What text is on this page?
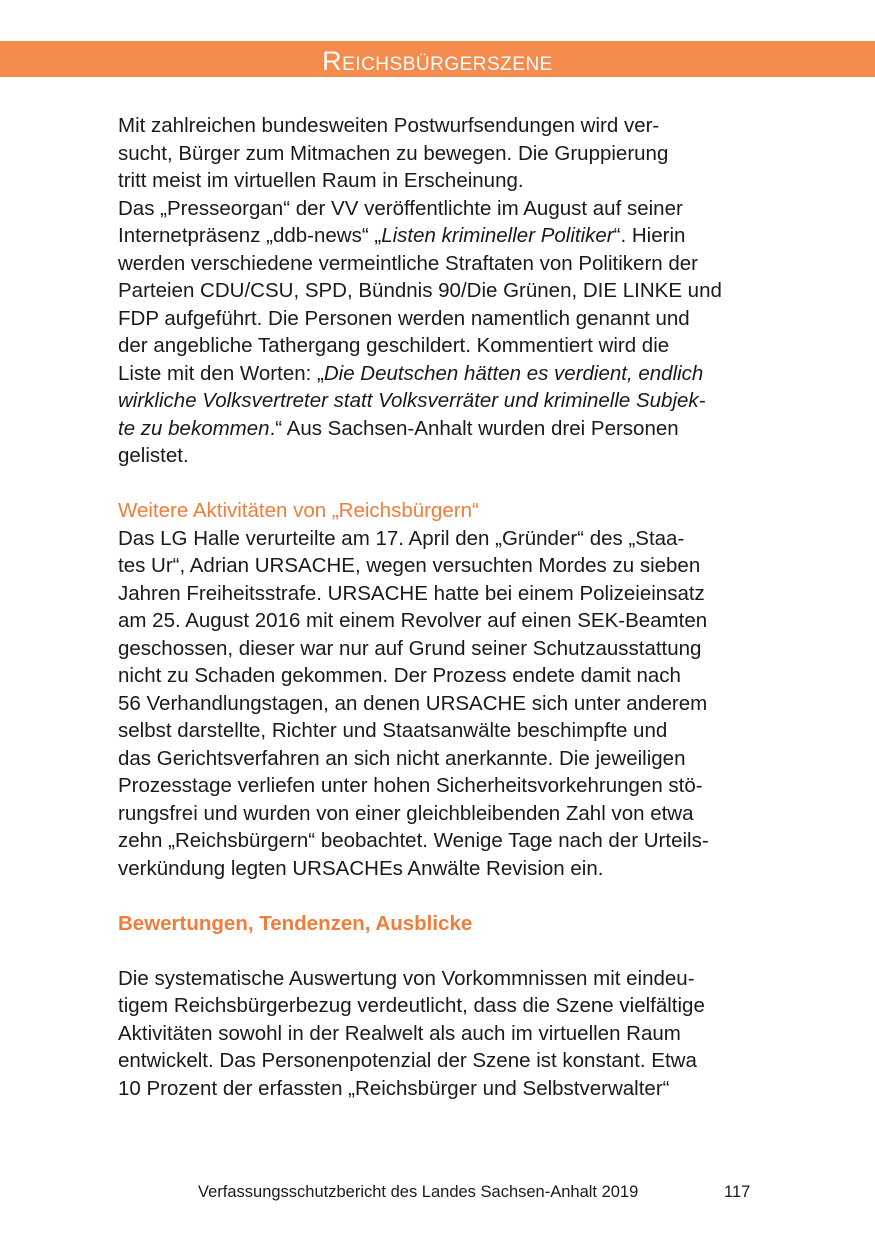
Reichsbürgerszene

Mit zahlreichen bundesweiten Postwurfsendungen wird ver-
sucht, Bürger zum Mitmachen zu bewegen. Die Gruppierung
tritt meist im virtuellen Raum in Erscheinung.
Das „Presseorgan“ der VV veröffentlichte im August auf seiner
Internetpräsenz „ddb-news“ „Listen krimineller Politiker“. Hierin
werden verschiedene vermeintliche Straftaten von Politikern der
Parteien CDU/CSU, SPD, Bündnis 90/Die Grünen, DIE LINKE und
FDP aufgeführt. Die Personen werden namentlich genannt und
der angebliche Tathergang geschildert. Kommentiert wird die
Liste mit den Worten: „Die Deutschen hätten es verdient, endlich
wirkliche Volksvertreter statt Volksverräter und kriminelle Subjek-
te zu bekommen.“ Aus Sachsen-Anhalt wurden drei Personen
gelistet.

Weitere Aktivitäten von „Reichsbürgern“
Das LG Halle verurteilte am 17. April den „Gründer“ des „Staa-
tes Ur“, Adrian URSACHE, wegen versuchten Mordes zu sieben
Jahren Freiheitsstrafe. URSACHE hatte bei einem Polizeieinsatz
am 25. August 2016 mit einem Revolver auf einen SEK-Beamten
geschossen, dieser war nur auf Grund seiner Schutzausstattung
nicht zu Schaden gekommen. Der Prozess endete damit nach
56 Verhandlungstagen, an denen URSACHE sich unter anderem
selbst darstellte, Richter und Staatsanwälte beschimpfte und
das Gerichtsverfahren an sich nicht anerkannte. Die jeweiligen
Prozesstage verliefen unter hohen Sicherheitsvorkehrungen stö-
rungsfrei und wurden von einer gleichbleibenden Zahl von etwa
zehn „Reichsbürgern“ beobachtet. Wenige Tage nach der Urteils-
verkündung legten URSACHEs Anwälte Revision ein.

Bewertungen, Tendenzen, Ausblicke

Die systematische Auswertung von Vorkommnissen mit eindeu-
tigem Reichsbürgerbezug verdeutlicht, dass die Szene vielfältige
Aktivitäten sowohl in der Realwelt als auch im virtuellen Raum
entwickelt. Das Personenpotenzial der Szene ist konstant. Etwa
10 Prozent der erfassten „Reichsbürger und Selbstverwalter“

Verfassungsschutzbericht des Landes Sachsen-Anhalt 2019	117
